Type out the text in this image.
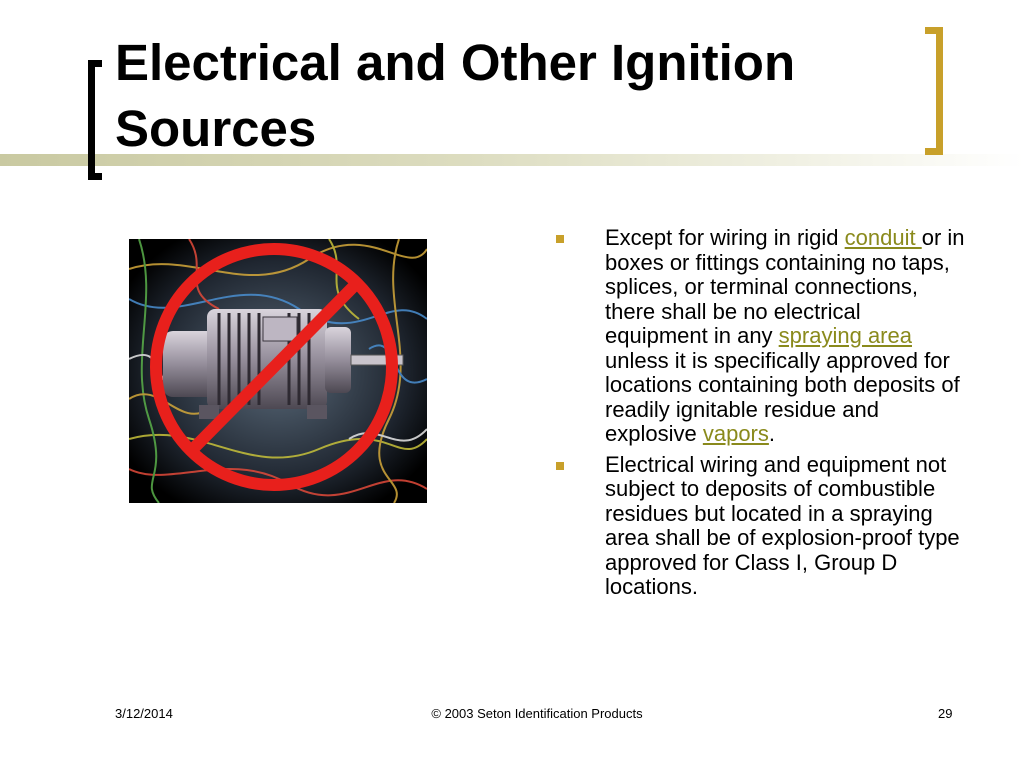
Electrical and Other Ignition Sources
Except for wiring in rigid conduit or in boxes or fittings containing no taps, splices, or terminal connections, there shall be no electrical equipment in any spraying area unless it is specifically approved for locations containing both deposits of readily ignitable residue and explosive vapors.
Electrical wiring and equipment not subject to deposits of combustible residues but located in a spraying area shall be of explosion-proof type approved for Class I, Group D locations.
3/12/2014	© 2003 Seton Identification Products	29
